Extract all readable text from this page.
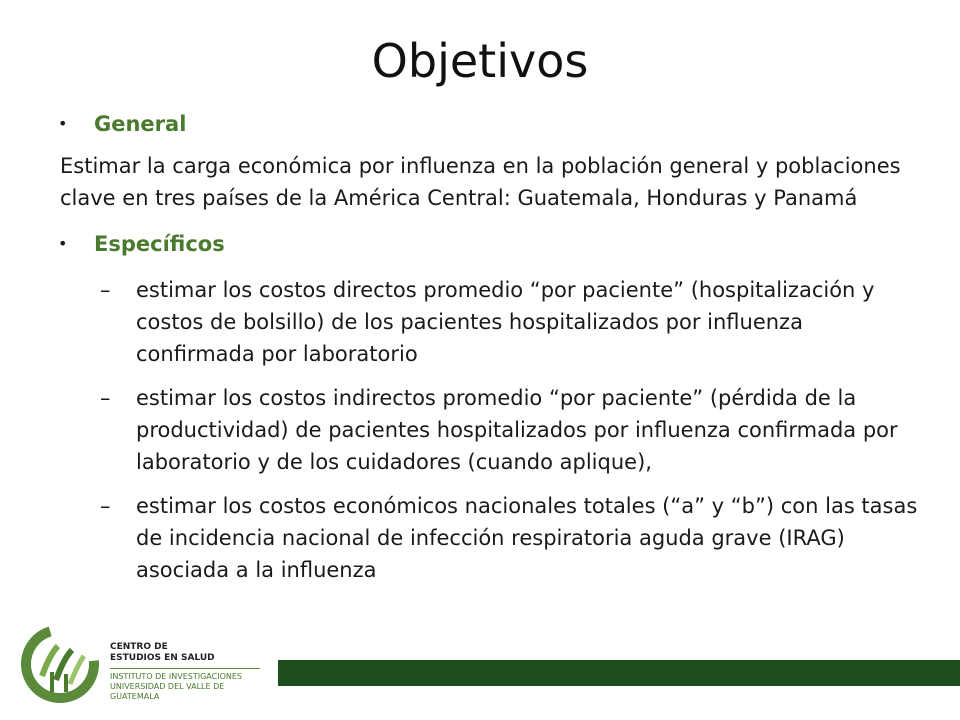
Objetivos
•	General

Estimar la carga económica por influenza en la población general y poblaciones clave en tres países de la América Central: Guatemala, Honduras y Panamá

•	Específicos
–	estimar los costos directos promedio “por paciente” (hospitalización y costos de bolsillo) de los pacientes hospitalizados por influenza confirmada por laboratorio
–	estimar los costos indirectos promedio “por paciente” (pérdida de la productividad) de pacientes hospitalizados por influenza confirmada por laboratorio y de los cuidadores (cuando aplique),
–	estimar los costos económicos nacionales totales (“a” y “b”) con las tasas de incidencia nacional de infección respiratoria aguda grave (IRAG) asociada a la influenza
CENTRO DE
ESTUDIOS EN SALUD
INSTITUTO DE INVESTIGACIONES
UNIVERSIDAD DEL VALLE DE GUATEMALA
